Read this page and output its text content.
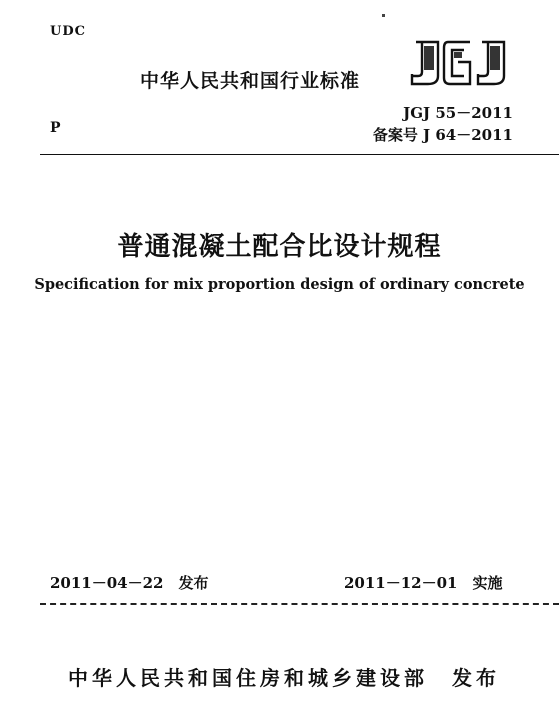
UDC
中华人民共和国行业标准
P
JGJ 55－2011
备案号 J 64－2011
普通混凝土配合比设计规程
Specification for mix proportion design of ordinary concrete
2011－04－22　发布	2011－12－01　实施
中华人民共和国住房和城乡建设部 发布
